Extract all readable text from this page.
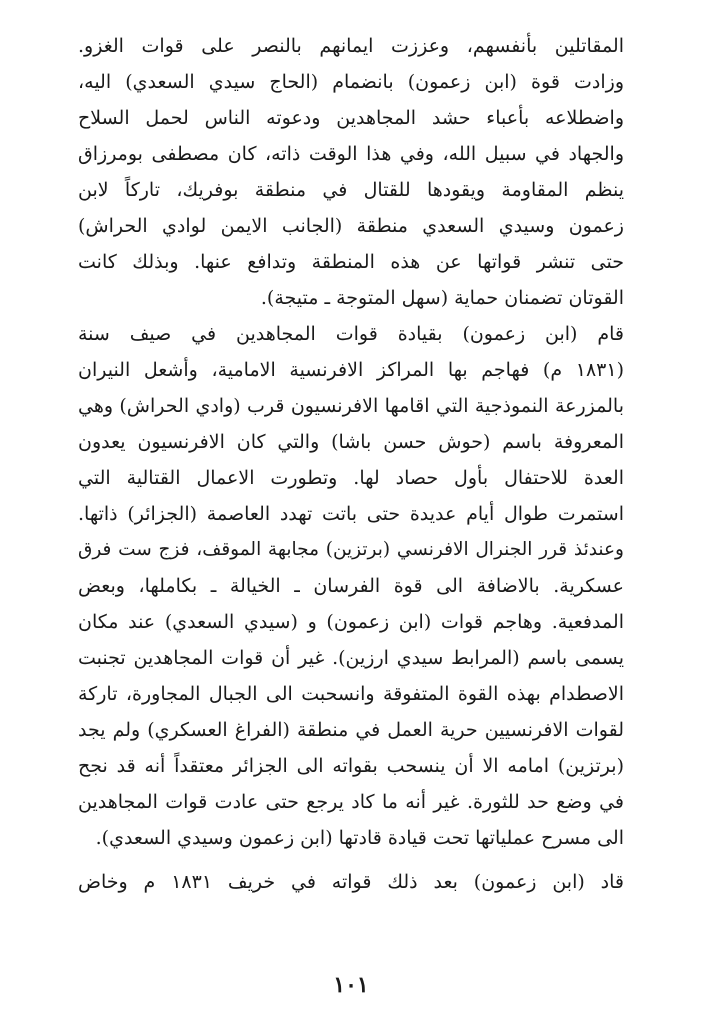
المقاتلين بأنفسهم، وعززت ايمانهم بالنصر على قوات الغزو.
وزادت قوة (ابن زعمون) بانضمام (الحاج سيدي السعدي) اليه،
واضطلاعه بأعباء حشد المجاهدين ودعوته الناس لحمل السلاح
والجهاد في سبيل الله، وفي هذا الوقت ذاته، كان مصطفى بومرزاق
ينظم المقاومة ويقودها للقتال في منطقة بوفريك، تاركاً لابن
زعمون وسيدي السعدي منطقة (الجانب الايمن لوادي الحراش)
حتى تنشر قواتها عن هذه المنطقة وتدافع عنها. وبذلك كانت
القوتان تضمنان حماية (سهل المتوجة ـ متيجة).
قام (ابن زعمون) بقيادة قوات المجاهدين في صيف سنة
(١٨٣١ م) فهاجم بها المراكز الافرنسية الامامية، وأشعل النيران
بالمزرعة النموذجية التي اقامها الافرنسيون قرب (وادي الحراش) وهي
المعروفة باسم (حوش حسن باشا) والتي كان الافرنسيون يعدون
العدة للاحتفال بأول حصاد لها. وتطورت الاعمال القتالية التي
استمرت طوال أيام عديدة حتى باتت تهدد العاصمة (الجزائر) ذاتها.
وعندئذ قرر الجنرال الافرنسي (برتزين) مجابهة الموقف، فزج ست فرق
عسكرية. بالاضافة الى قوة الفرسان ـ الخيالة ـ بكاملها، وبعض
المدفعية. وهاجم قوات (ابن زعمون) و (سيدي السعدي) عند مكان
يسمى باسم (المرابط سيدي ارزين). غير أن قوات المجاهدين تجنبت
الاصطدام بهذه القوة المتفوقة وانسحبت الى الجبال المجاورة، تاركة
لقوات الافرنسيين حرية العمل في منطقة (الفراغ العسكري) ولم يجد
(برتزين) امامه الا أن ينسحب بقواته الى الجزائر معتقداً أنه قد نجح
في وضع حد للثورة. غير أنه ما كاد يرجع حتى عادت قوات المجاهدين
الى مسرح عملياتها تحت قيادة قادتها (ابن زعمون وسيدي السعدي).
قاد (ابن زعمون) بعد ذلك قواته في خريف ١٨٣١ م وخاض
١٠١
